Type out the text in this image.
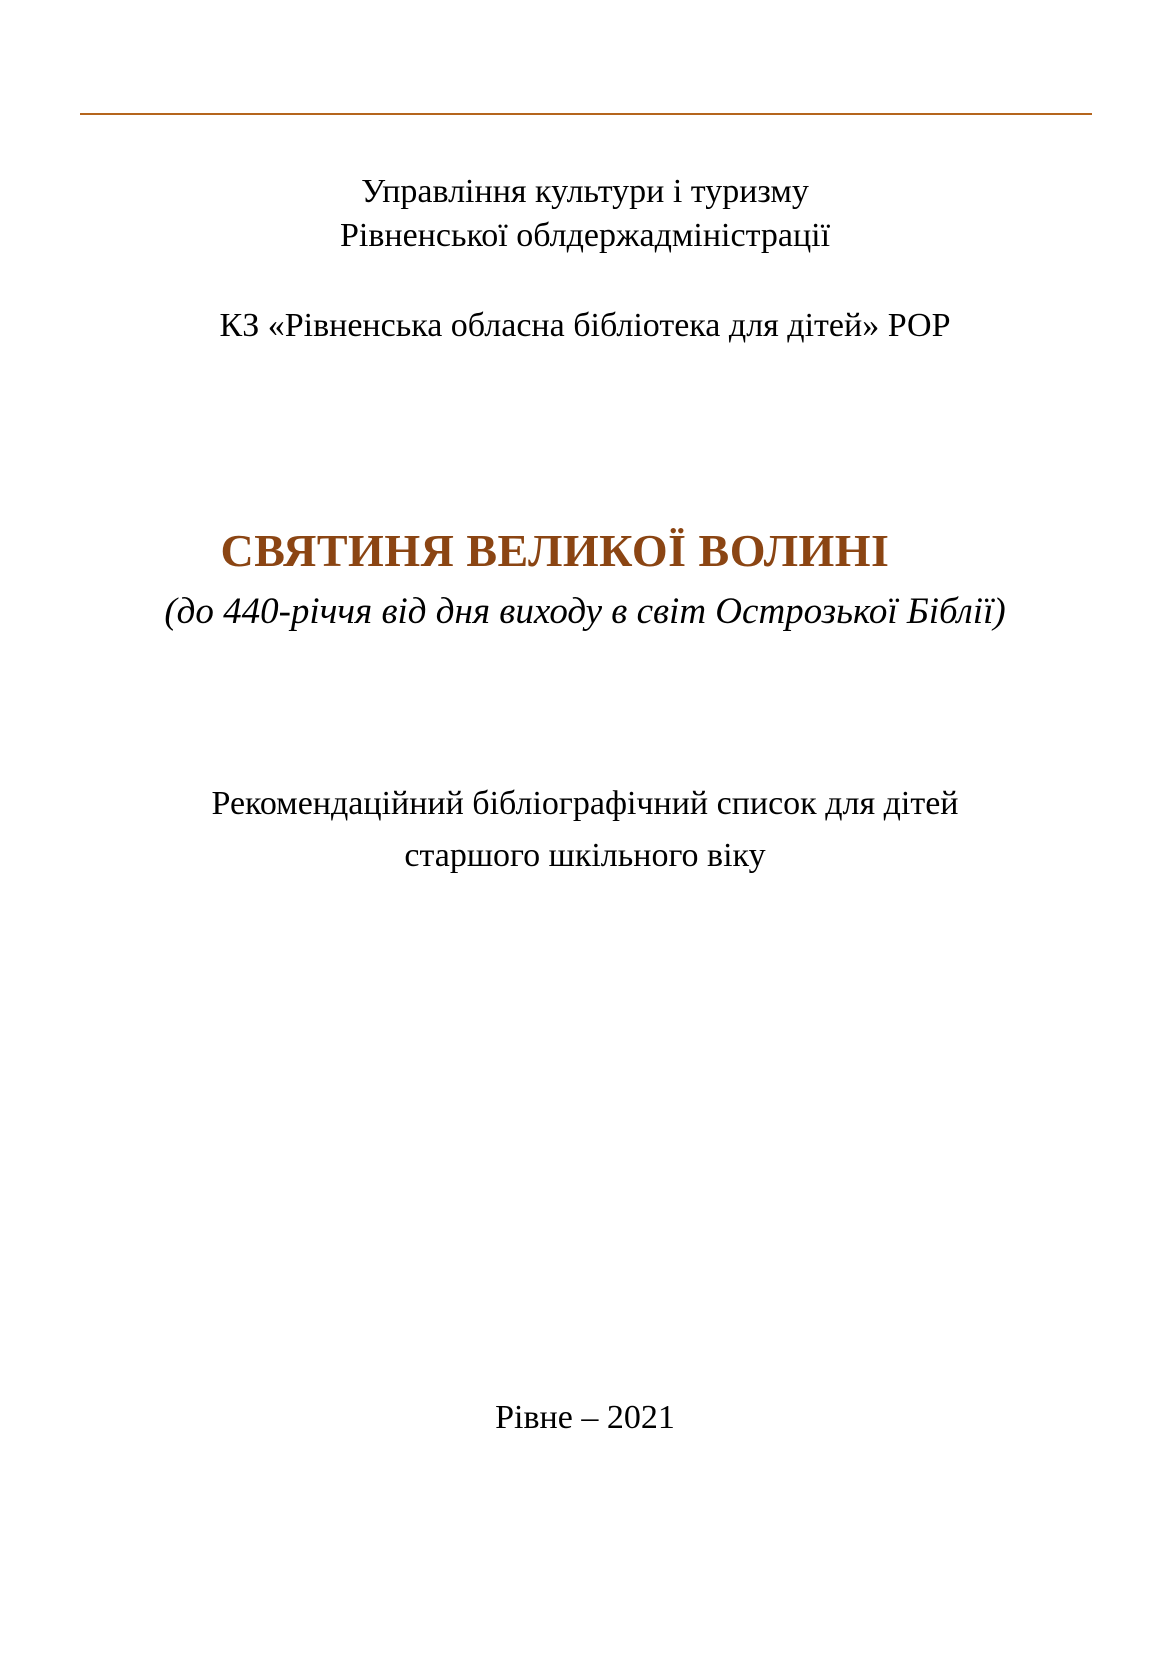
Управління культури і туризму
Рівненської облдержадміністрації
КЗ «Рівненська обласна бібліотека для дітей» РОР
СВЯТИНЯ ВЕЛИКОЇ ВОЛИНІ
(до 440-річчя від дня виходу в світ Острозької Біблії)
Рекомендаційний бібліографічний список для дітей
старшого шкільного віку
Рівне – 2021
